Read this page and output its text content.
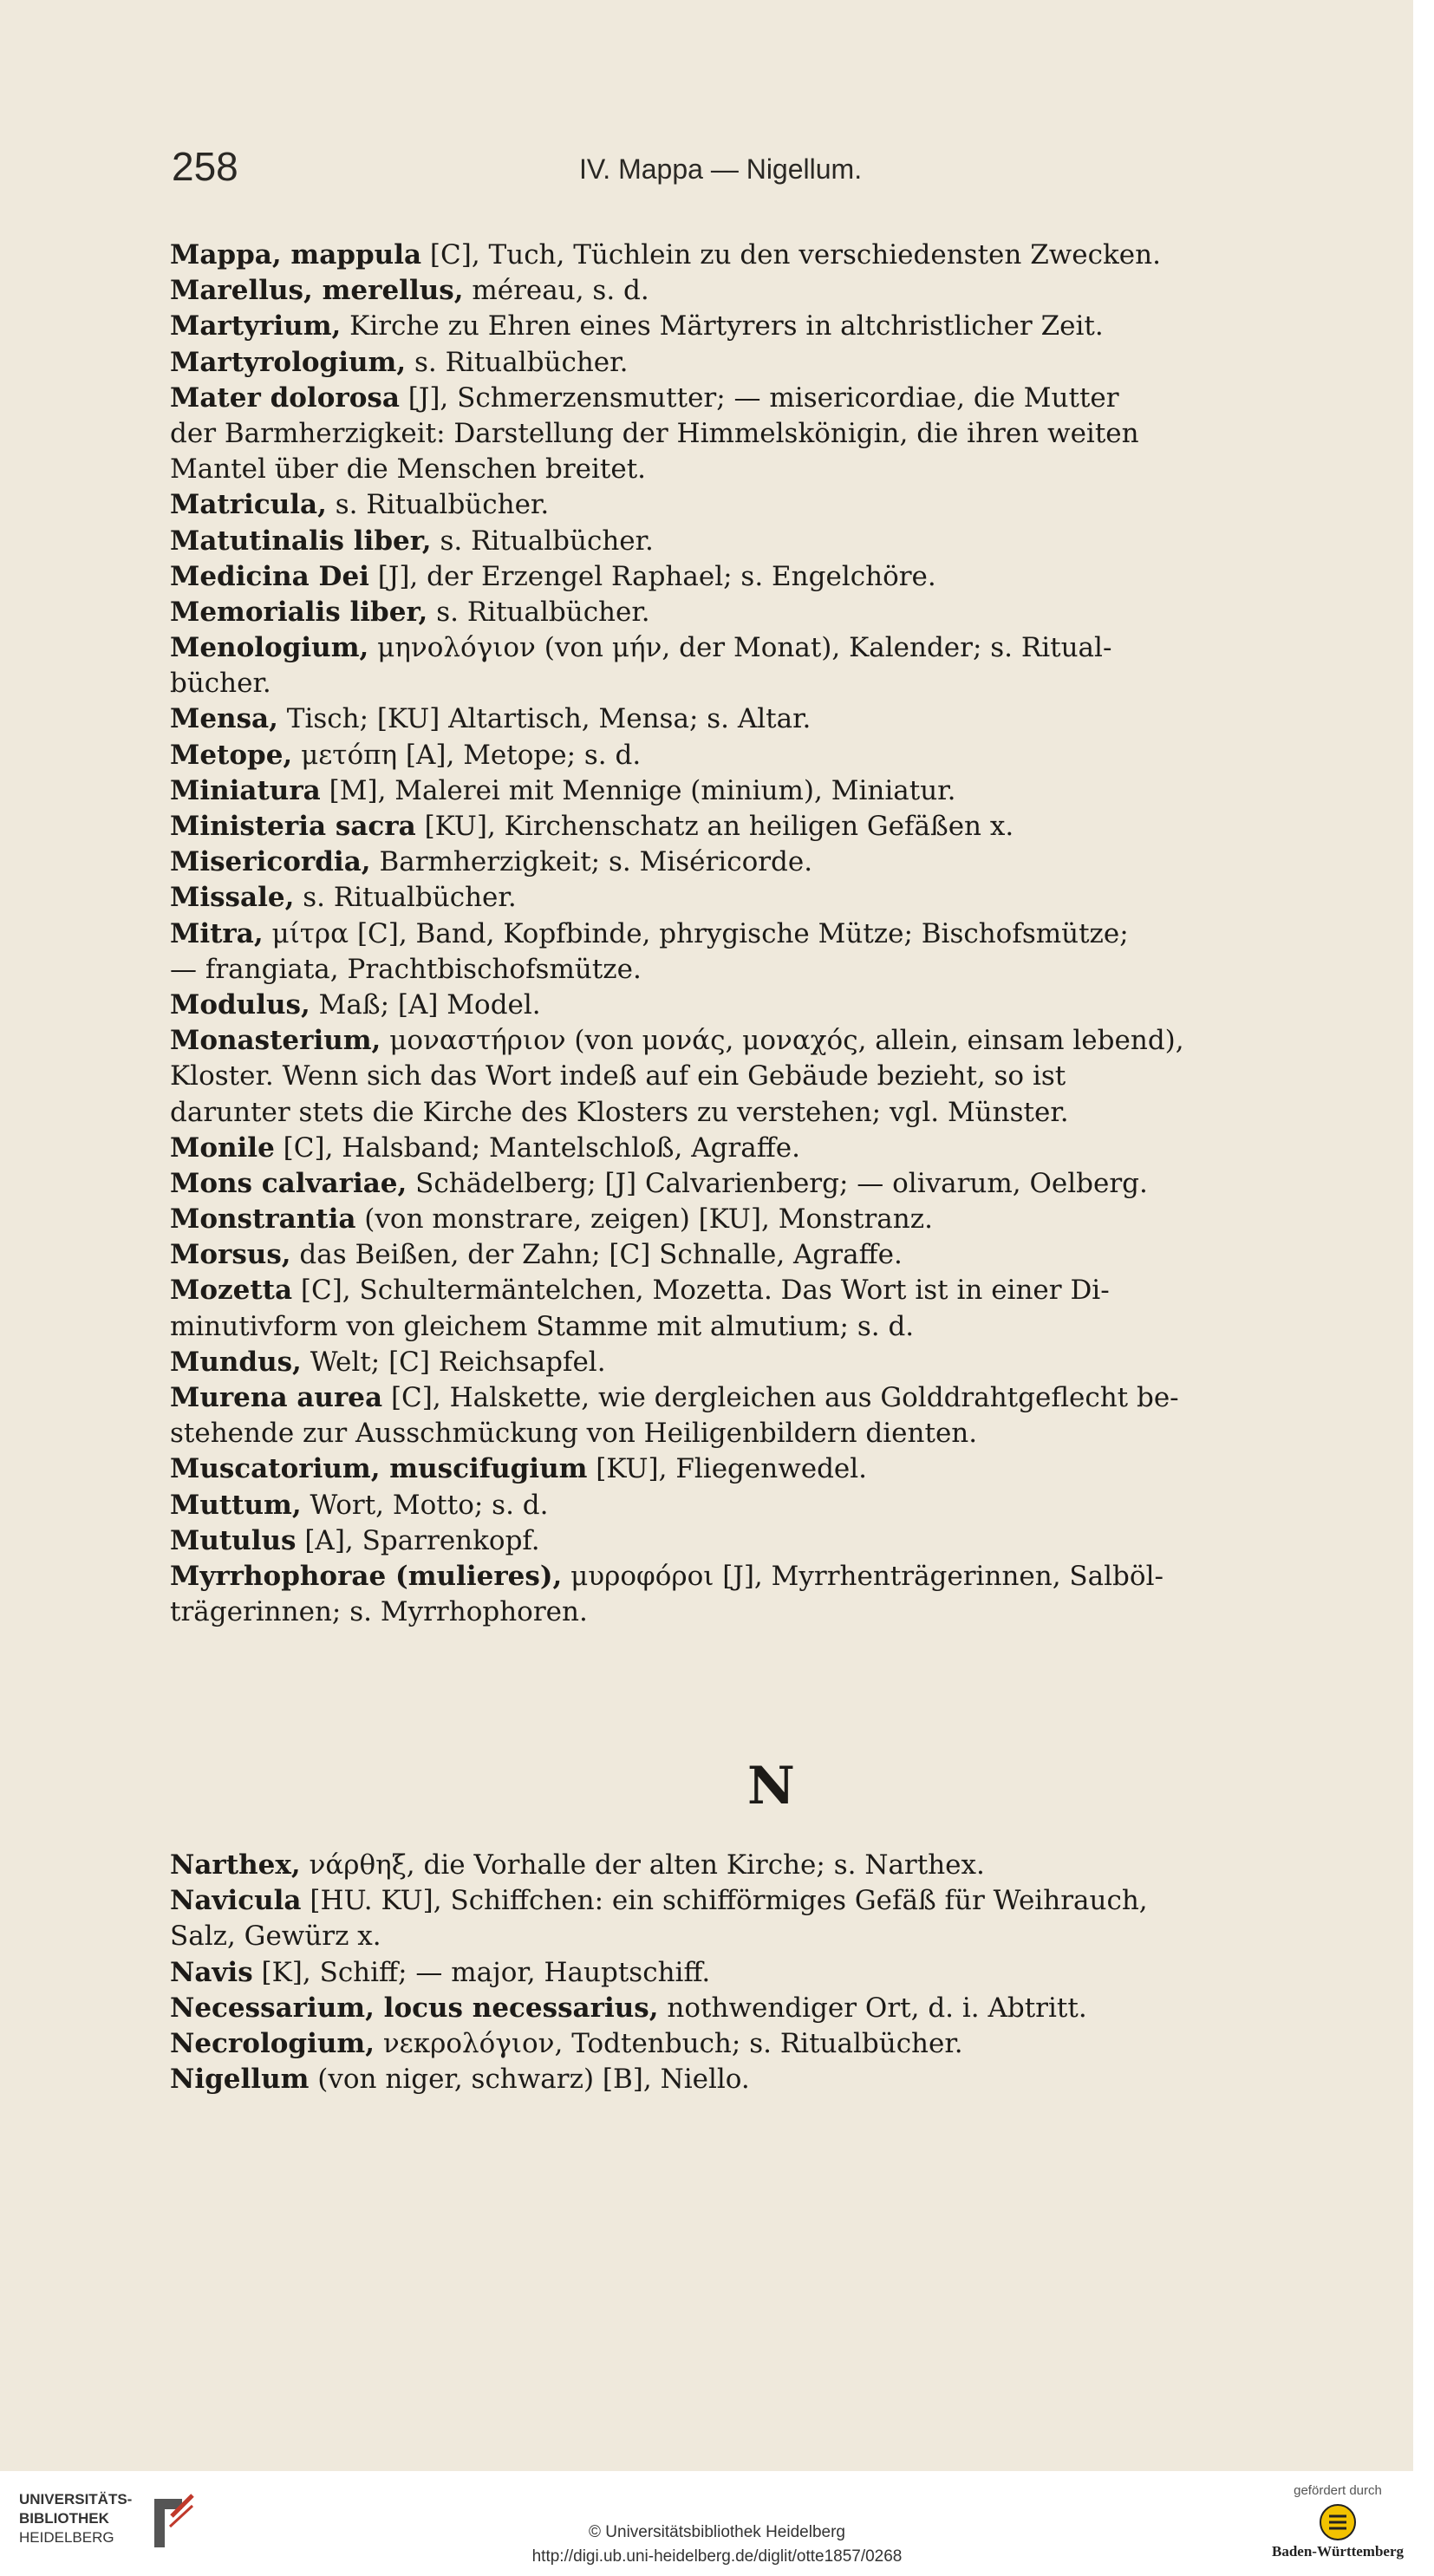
258	IV. Mappa — Nigellum.
Mappa, mappula [C], Tuch, Tüchlein zu den verschiedensten Zwecken.
Marellus, merellus, méreau, s. d.
Martyrium, Kirche zu Ehren eines Märtyrers in altchristlicher Zeit.
Martyrologium, s. Ritualbücher.
Mater dolorosa [J], Schmerzensmutter; — misericordiae, die Mutter
der Barmherzigkeit: Darstellung der Himmelskönigin, die ihren weiten
Mantel über die Menschen breitet.
Matricula, s. Ritualbücher.
Matutinalis liber, s. Ritualbücher.
Medicina Dei [J], der Erzengel Raphael; s. Engelchöre.
Memorialis liber, s. Ritualbücher.
Menologium, μηνολόγιον (von μήν, der Monat), Kalender; s. Ritual-
bücher.
Mensa, Tisch; [KU] Altartisch, Mensa; s. Altar.
Metope, μετόπη [A], Metope; s. d.
Miniatura [M], Malerei mit Mennige (minium), Miniatur.
Ministeria sacra [KU], Kirchenschatz an heiligen Gefäßen x.
Misericordia, Barmherzigkeit; s. Miséricorde.
Missale, s. Ritualbücher.
Mitra, μίτρα [C], Band, Kopfbinde, phrygische Mütze; Bischofsmütze;
— frangiata, Prachtbischofsmütze.
Modulus, Maß; [A] Model.
Monasterium, μοναστήριον (von μονάς, μοναχός, allein, einsam lebend),
Kloster. Wenn sich das Wort indeß auf ein Gebäude bezieht, so ist
darunter stets die Kirche des Klosters zu verstehen; vgl. Münster.
Monile [C], Halsband; Mantelschloß, Agraffe.
Mons calvariae, Schädelberg; [J] Calvarienberg; — olivarum, Oelberg.
Monstrantia (von monstrare, zeigen) [KU], Monstranz.
Morsus, das Beißen, der Zahn; [C] Schnalle, Agraffe.
Mozetta [C], Schultermäntelchen, Mozetta. Das Wort ist in einer Di-
minutivform von gleichem Stamme mit almutium; s. d.
Mundus, Welt; [C] Reichsapfel.
Murena aurea [C], Halskette, wie dergleichen aus Golddrahtgeflecht be-
stehende zur Ausschmückung von Heiligenbildern dienten.
Muscatorium, muscifugium [KU], Fliegenwedel.
Muttum, Wort, Motto; s. d.
Mutulus [A], Sparrenkopf.
Myrrhophorae (mulieres), μυροφόροι [J], Myrrhenträgerinnen, Salböl-
trägerinnen; s. Myrrhophoren.
N
Narthex, νάρθηξ, die Vorhalle der alten Kirche; s. Narthex.
Navicula [HU. KU], Schiffchen: ein schifförmiges Gefäß für Weihrauch,
Salz, Gewürz x.
Navis [K], Schiff; — major, Hauptschiff.
Necessarium, locus necessarius, nothwendiger Ort, d. i. Abtritt.
Necrologium, νεκρολόγιον, Todtenbuch; s. Ritualbücher.
Nigellum (von niger, schwarz) [B], Niello.
UNIVERSITÄTS-
BIBLIOTHEK
HEIDELBERG	© Universitätsbibliothek Heidelberg
http://digi.ub.uni-heidelberg.de/diglit/otte1857/0268
gefördert durch
Baden-Württemberg
